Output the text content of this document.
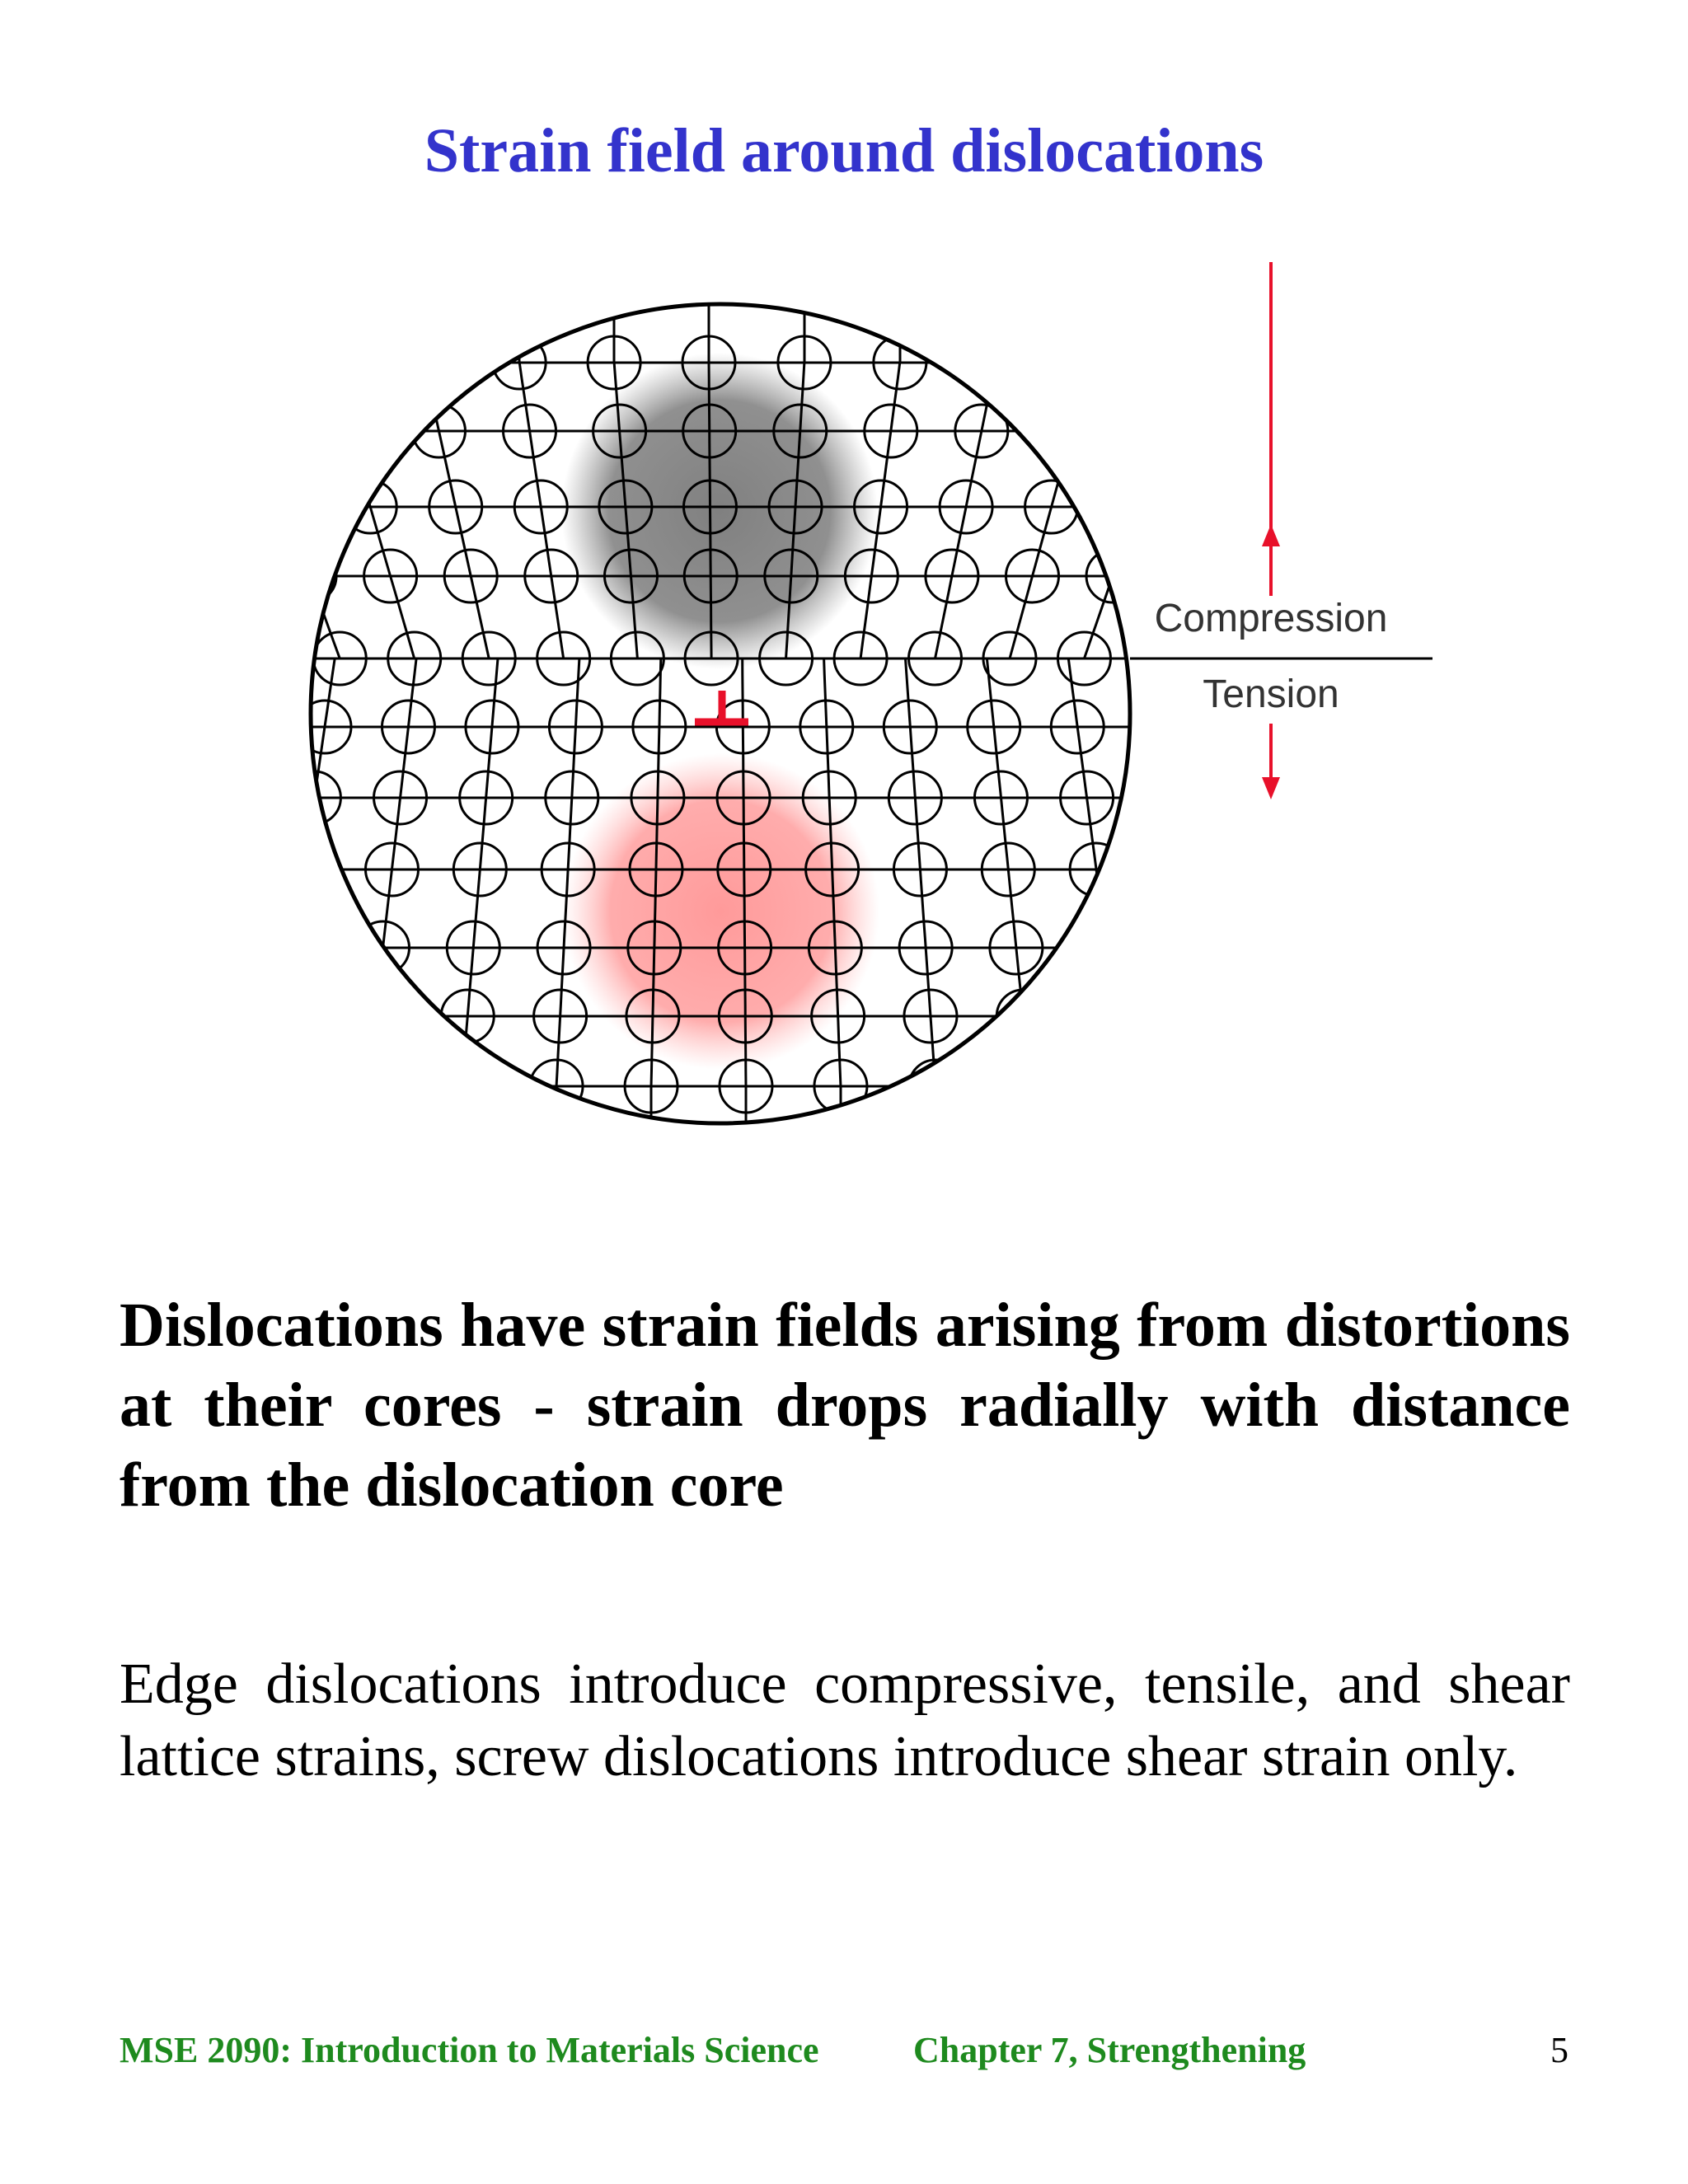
Strain field around dislocations
Compression
Tension
Dislocations have strain fields arising from distortions at their cores - strain drops radially with distance from the dislocation core
Edge dislocations introduce compressive, tensile, and shear lattice strains, screw dislocations introduce shear strain only.
MSE 2090: Introduction to Materials Science	Chapter 7, Strengthening	5
